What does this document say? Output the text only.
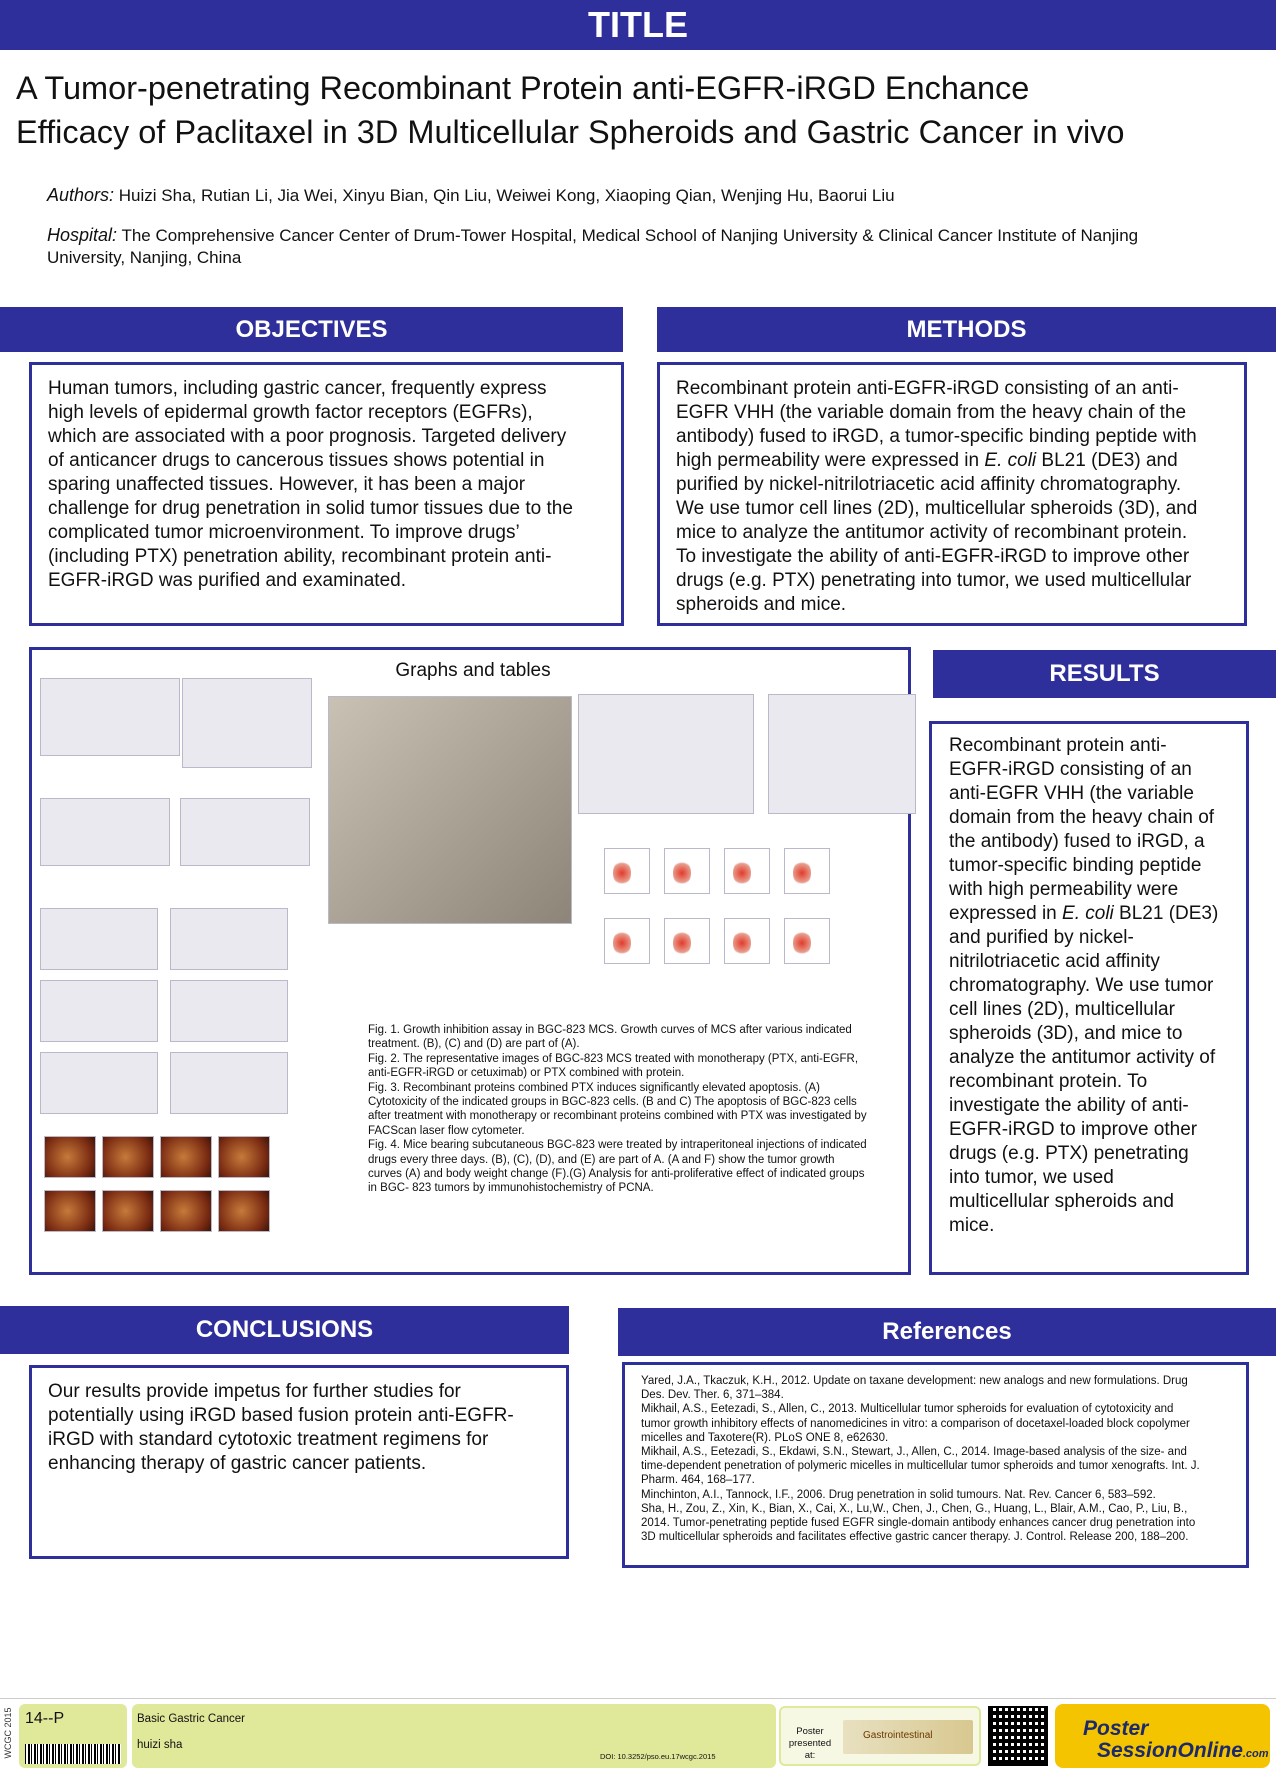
TITLE
A Tumor-penetrating Recombinant Protein anti-EGFR-iRGD Enchance
Efficacy of Paclitaxel in 3D Multicellular Spheroids and Gastric Cancer in vivo
Authors: Huizi Sha, Rutian Li, Jia Wei, Xinyu Bian, Qin Liu, Weiwei Kong, Xiaoping Qian, Wenjing Hu, Baorui Liu
Hospital: The Comprehensive Cancer Center of Drum-Tower Hospital, Medical School of Nanjing University & Clinical Cancer Institute of Nanjing
University, Nanjing, China
OBJECTIVES
Human tumors, including gastric cancer, frequently express
high levels of epidermal growth factor receptors (EGFRs),
which are associated with a poor prognosis. Targeted delivery
of anticancer drugs to cancerous tissues shows potential in
sparing unaffected tissues. However, it has been a major
challenge for drug penetration in solid tumor tissues due to the
complicated tumor microenvironment. To improve drugs’
(including PTX) penetration ability, recombinant protein anti-
EGFR-iRGD was purified and examinated.
METHODS
Recombinant protein anti-EGFR-iRGD consisting of an anti-
EGFR VHH (the variable domain from the heavy chain of the
antibody) fused to iRGD, a tumor-specific binding peptide with
high permeability were expressed in E. coli BL21 (DE3) and
purified by nickel-nitrilotriacetic acid affinity chromatography.
We use tumor cell lines (2D), multicellular spheroids (3D), and
mice to analyze the antitumor activity of recombinant protein.
To investigate the ability of anti-EGFR-iRGD to improve other
drugs (e.g. PTX) penetrating into tumor, we used multicellular
spheroids and mice.
Graphs and tables
Fig. 1. Growth inhibition assay in BGC-823 MCS. Growth curves of MCS after various indicated
treatment. (B), (C) and (D) are part of (A).
Fig. 2. The representative images of BGC-823 MCS treated with monotherapy (PTX, anti-EGFR,
anti-EGFR-iRGD or cetuximab) or PTX combined with protein.
Fig. 3. Recombinant proteins combined PTX induces significantly elevated apoptosis. (A)
Cytotoxicity of the indicated groups in BGC-823 cells. (B and C) The apoptosis of BGC-823 cells
after treatment with monotherapy or recombinant proteins combined with PTX was investigated by
FACScan laser flow cytometer.
Fig. 4. Mice bearing subcutaneous BGC-823 were treated by intraperitoneal injections of indicated
drugs every three days. (B), (C), (D), and (E) are part of A. (A and F) show the tumor growth
curves (A) and body weight change (F).(G) Analysis for anti-proliferative effect of indicated groups
in BGC- 823 tumors by immunohistochemistry of PCNA.
RESULTS
Recombinant protein anti-
EGFR-iRGD consisting of an
anti-EGFR VHH (the variable
domain from the heavy chain of
the antibody) fused to iRGD, a
tumor-specific binding peptide
with high permeability were
expressed in E. coli BL21 (DE3)
and purified by nickel-
nitrilotriacetic acid affinity
chromatography. We use tumor
cell lines (2D), multicellular
spheroids (3D), and mice to
analyze the antitumor activity of
recombinant protein. To
investigate the ability of anti-
EGFR-iRGD to improve other
drugs (e.g. PTX) penetrating
into tumor, we used
multicellular spheroids and
mice.
CONCLUSIONS
Our results provide impetus for further studies for
potentially using iRGD based fusion protein anti-EGFR-
iRGD with standard cytotoxic treatment regimens for
enhancing therapy of gastric cancer patients.
References
Yared, J.A., Tkaczuk, K.H., 2012. Update on taxane development: new analogs and new formulations. Drug
Des. Dev. Ther. 6, 371–384.
Mikhail, A.S., Eetezadi, S., Allen, C., 2013. Multicellular tumor spheroids for evaluation of cytotoxicity and
tumor growth inhibitory effects of nanomedicines in vitro: a comparison of docetaxel-loaded block copolymer
micelles and Taxotere(R). PLoS ONE 8, e62630.
Mikhail, A.S., Eetezadi, S., Ekdawi, S.N., Stewart, J., Allen, C., 2014. Image-based analysis of the size- and
time-dependent penetration of polymeric micelles in multicellular tumor spheroids and tumor xenografts. Int. J.
Pharm. 464, 168–177.
Minchinton, A.I., Tannock, I.F., 2006. Drug penetration in solid tumours. Nat. Rev. Cancer 6, 583–592.
Sha, H., Zou, Z., Xin, K., Bian, X., Cai, X., Lu,W., Chen, J., Chen, G., Huang, L., Blair, A.M., Cao, P., Liu, B.,
2014. Tumor-penetrating peptide fused EGFR single-domain antibody enhances cancer drug penetration into
3D multicellular spheroids and facilitates effective gastric cancer therapy. J. Control. Release 200, 188–200.
WCGC 2015 14--P	Basic Gastric Cancer
huizi sha
DOI: 10.3252/pso.eu.17wcgc.2015
Poster
presented at:
Gastrointestinal	Poster
SessionOnline.com
